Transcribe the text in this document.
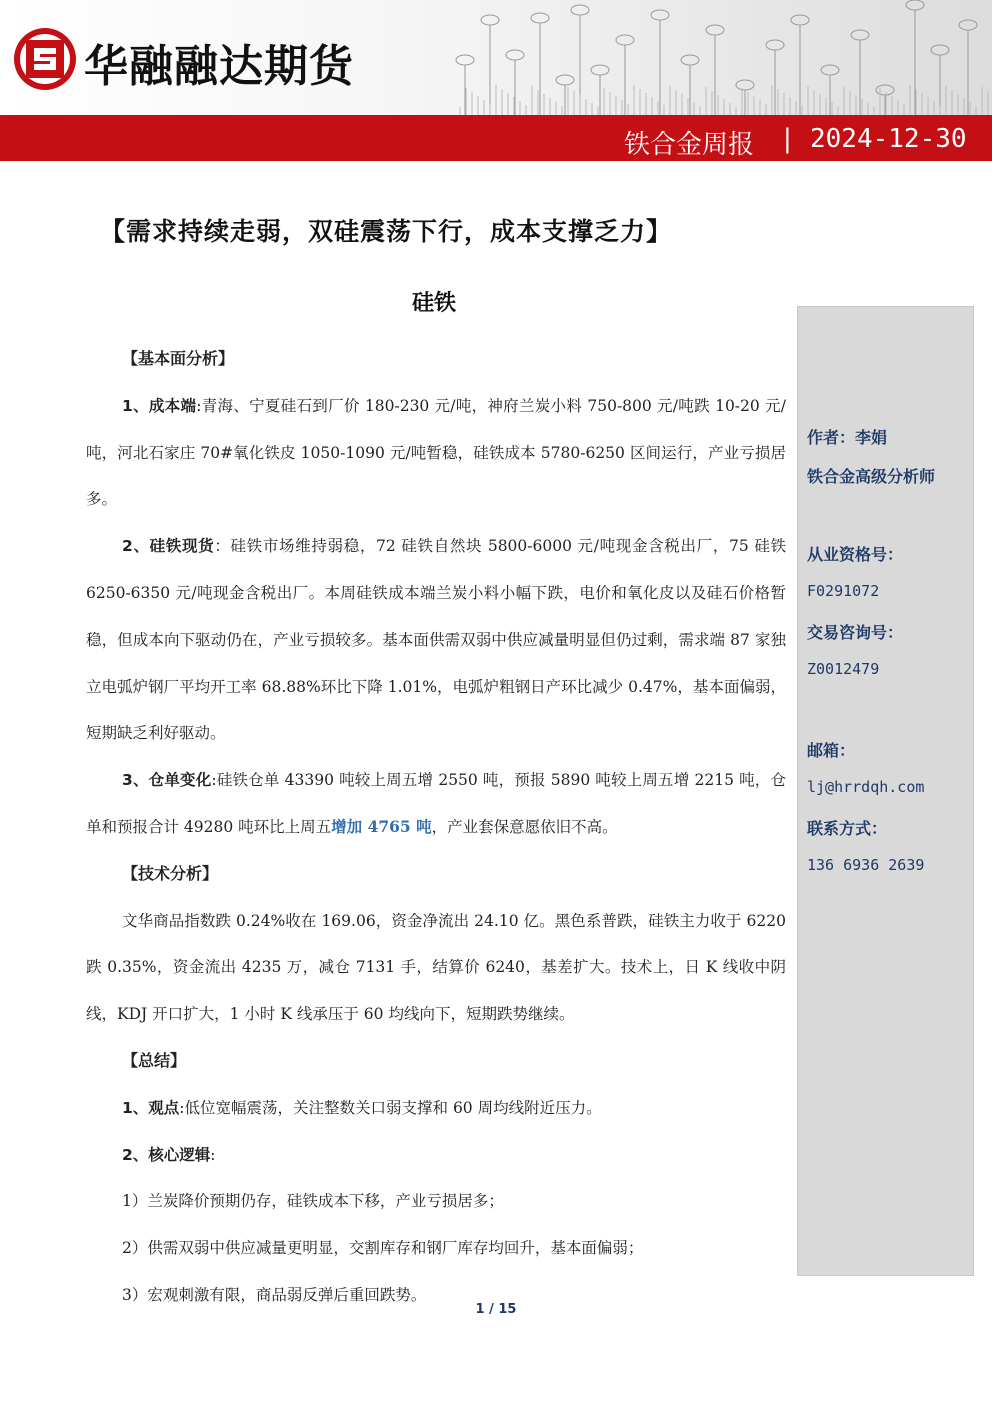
华融融达期货
铁合金周报 | 2024-12-30
【需求持续走弱，双硅震荡下行，成本支撑乏力】
硅铁

【基本面分析】

1、成本端:青海、宁夏硅石到厂价 180-230 元/吨，神府兰炭小料 750-800 元/吨跌 10-20 元/吨，河北石家庄 70#氧化铁皮 1050-1090 元/吨暂稳，硅铁成本 5780-6250 区间运行，产业亏损居多。

2、硅铁现货：硅铁市场维持弱稳，72 硅铁自然块 5800-6000 元/吨现金含税出厂，75 硅铁 6250-6350 元/吨现金含税出厂。本周硅铁成本端兰炭小料小幅下跌，电价和氧化皮以及硅石价格暂稳，但成本向下驱动仍在，产业亏损较多。基本面供需双弱中供应减量明显但仍过剩，需求端 87 家独立电弧炉钢厂平均开工率 68.88%环比下降 1.01%，电弧炉粗钢日产环比减少 0.47%，基本面偏弱，短期缺乏利好驱动。

3、仓单变化:硅铁仓单 43390 吨较上周五增 2550 吨，预报 5890 吨较上周五增 2215 吨，仓单和预报合计 49280 吨环比上周五增加 4765 吨，产业套保意愿依旧不高。

【技术分析】

文华商品指数跌 0.24%收在 169.06，资金净流出 24.10 亿。黑色系普跌，硅铁主力收于 6220 跌 0.35%，资金流出 4235 万，减仓 7131 手，结算价 6240，基差扩大。技术上，日 K 线收中阴线，KDJ 开口扩大，1 小时 K 线承压于 60 均线向下，短期跌势继续。

【总结】

1、观点:低位宽幅震荡，关注整数关口弱支撑和 60 周均线附近压力。

2、核心逻辑:

1）兰炭降价预期仍存，硅铁成本下移，产业亏损居多；

2）供需双弱中供应减量更明显，交割库存和钢厂库存均回升，基本面偏弱；

3）宏观刺激有限，商品弱反弹后重回跌势。

作者：李娟
铁合金高级分析师
从业资格号：
F0291072
交易咨询号：
Z0012479
邮箱：
lj@hrrdqh.com
联系方式：
136 6936 2639
1 / 15
